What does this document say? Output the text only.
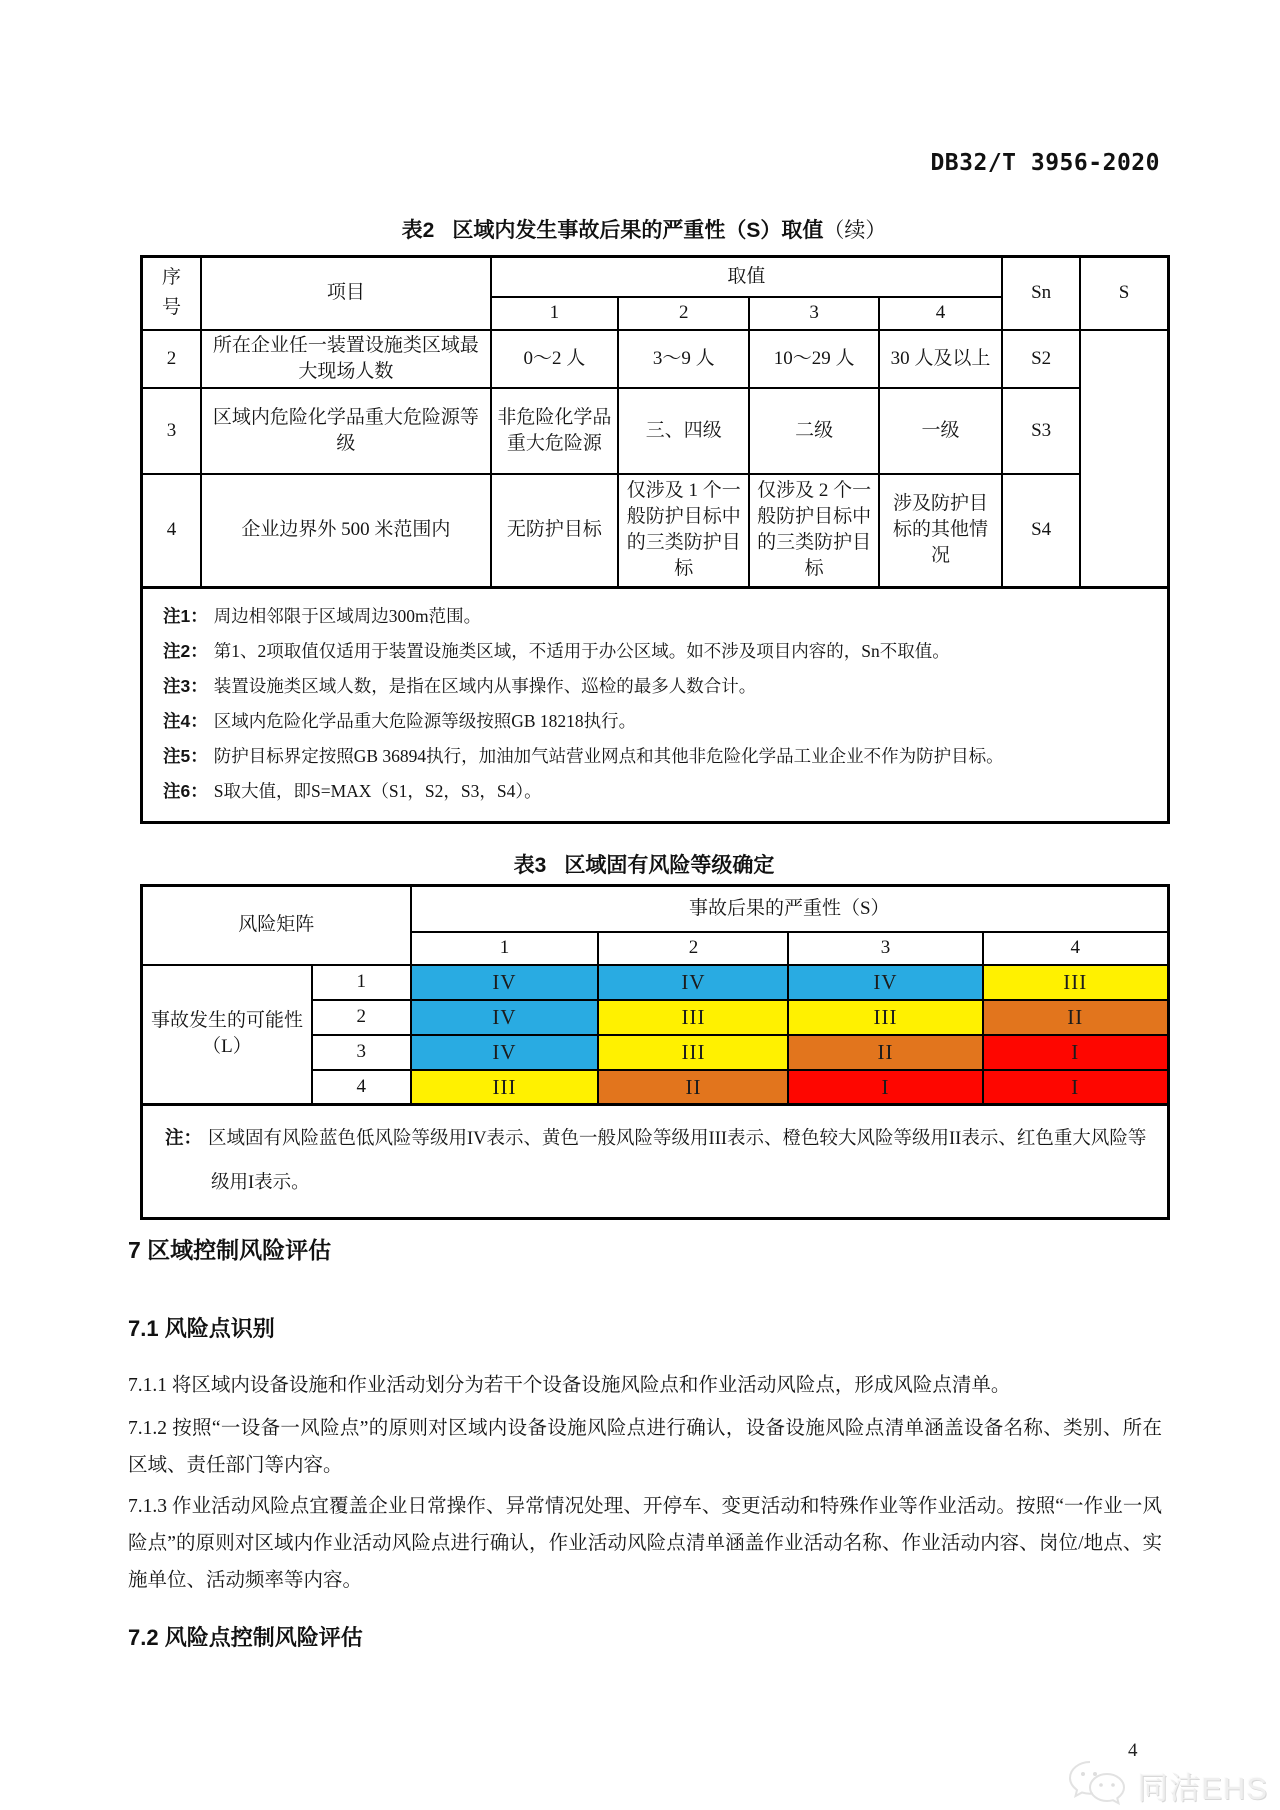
DB32/T 3956-2020
表2 区域内发生事故后果的严重性（S）取值（续）
序号	项目	取值				Sn	S
		1	2	3	4		
2	所在企业任一装置设施类区域最大现场人数	0～2 人	3～9 人	10～29 人	30 人及以上	S2	
3	区域内危险化学品重大危险源等级	非危险化学品重大危险源	三、四级	二级	一级	S3	
4	企业边界外 500 米范围内	无防护目标	仅涉及 1 个一般防护目标中的三类防护目标	仅涉及 2 个一般防护目标中的三类防护目标	涉及防护目标的其他情况	S4	

注1： 周边相邻限于区域周边300m范围。
注2： 第1、2项取值仅适用于装置设施类区域，不适用于办公区域。如不涉及项目内容的，Sn不取值。
注3： 装置设施类区域人数，是指在区域内从事操作、巡检的最多人数合计。
注4： 区域内危险化学品重大危险源等级按照GB 18218执行。
注5： 防护目标界定按照GB 36894执行，加油加气站营业网点和其他非危险化学品工业企业不作为防护目标。
注6： S取大值，即S=MAX（S1，S2，S3，S4）。
表3 区域固有风险等级确定
风险矩阵		事故后果的严重性（S）			
		1	2	3	4
事故发生的可能性（L）	1	IV	IV	IV	III
	2	IV	III	III	II
	3	IV	III	II	I
	4	III	II	I	I

注： 区域固有风险蓝色低风险等级用IV表示、黄色一般风险等级用III表示、橙色较大风险等级用II表示、红色重大风险等级用I表示。					

7 区域控制风险评估

7.1 风险点识别

7.1.1 将区域内设备设施和作业活动划分为若干个设备设施风险点和作业活动风险点，形成风险点清单。

7.1.2 按照“一设备一风险点”的原则对区域内设备设施风险点进行确认，设备设施风险点清单涵盖设备名称、类别、所在区域、责任部门等内容。

7.1.3 作业活动风险点宜覆盖企业日常操作、异常情况处理、开停车、变更活动和特殊作业等作业活动。按照“一作业一风险点”的原则对区域内作业活动风险点进行确认，作业活动风险点清单涵盖作业活动名称、作业活动内容、岗位/地点、实施单位、活动频率等内容。

7.2 风险点控制风险评估

4
同洁EHS
